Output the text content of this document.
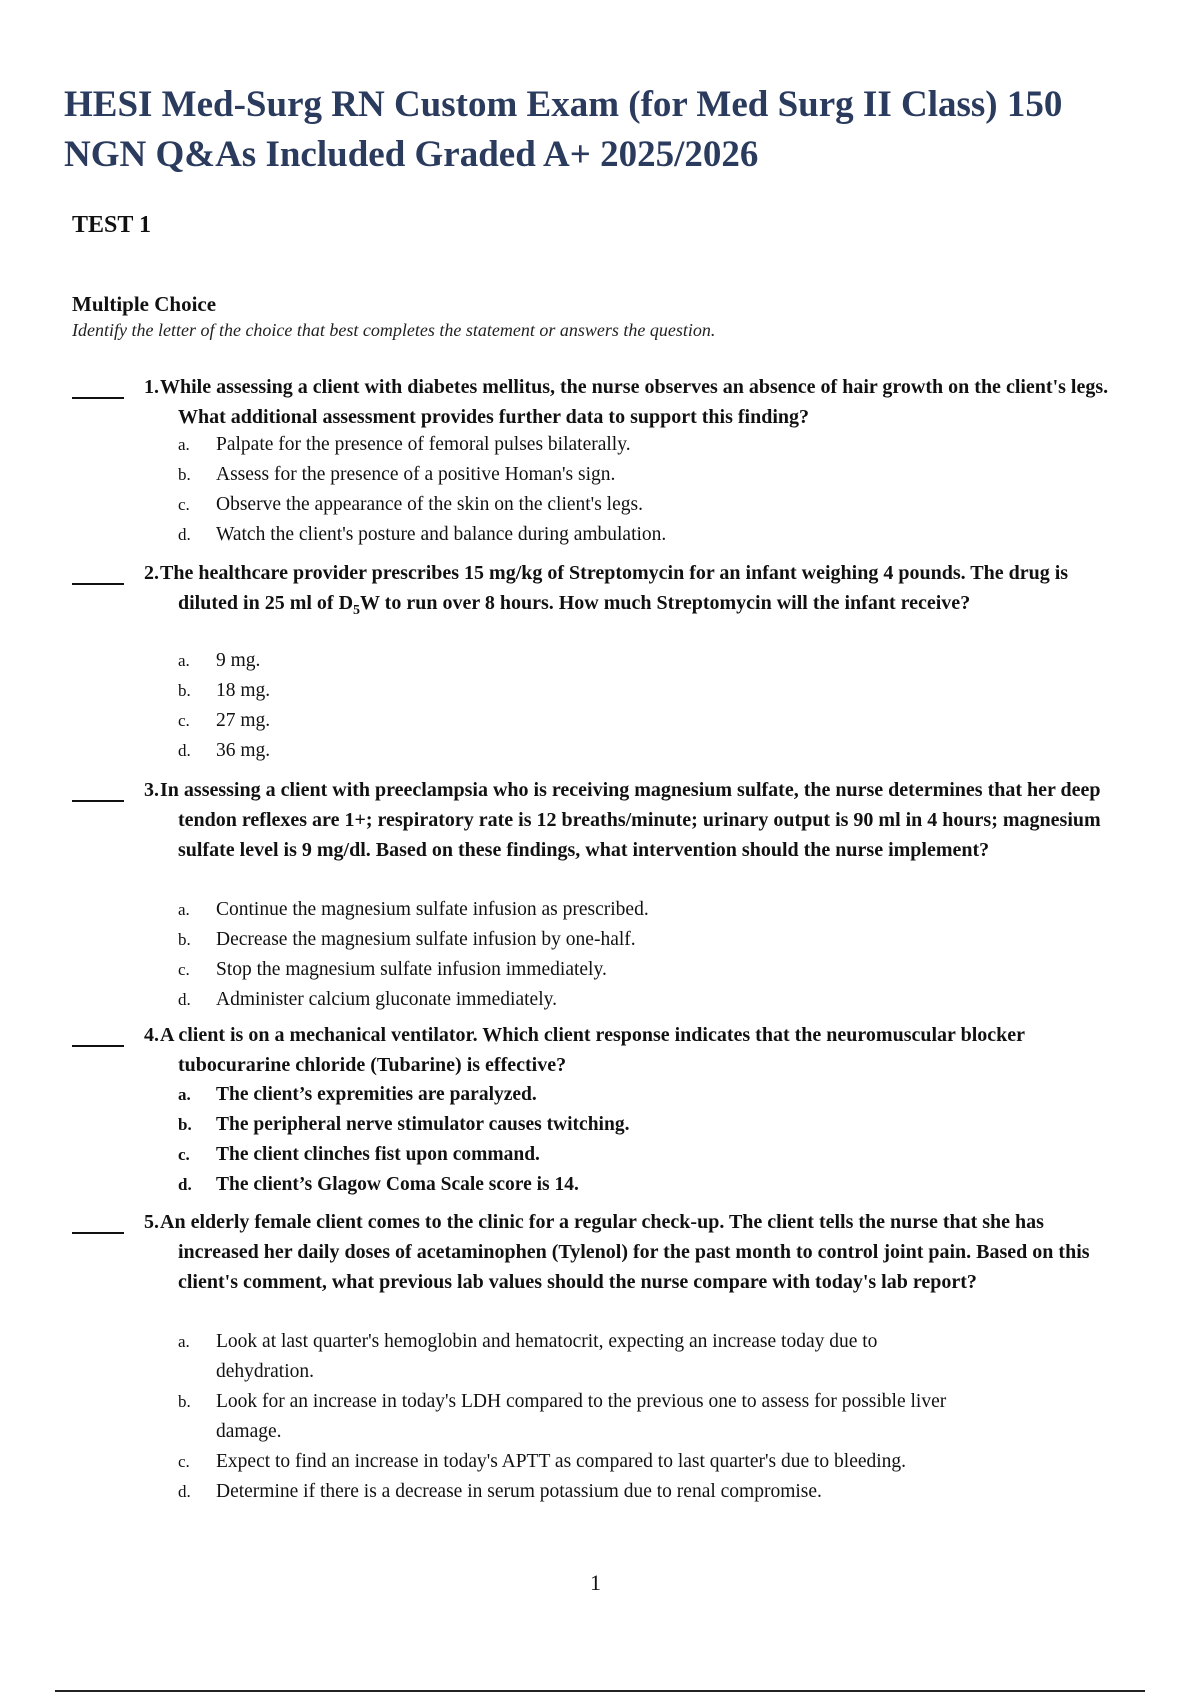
HESI Med-Surg RN Custom Exam (for Med Surg II Class) 150
NGN Q&As Included Graded A+ 2025/2026
TEST 1
Multiple Choice
Identify the letter of the choice that best completes the statement or answers the question.
1. While assessing a client with diabetes mellitus, the nurse observes an absence of hair growth on the client's legs. What additional assessment provides further data to support this finding?
a. Palpate for the presence of femoral pulses bilaterally.
b. Assess for the presence of a positive Homan's sign.
c. Observe the appearance of the skin on the client's legs.
d. Watch the client's posture and balance during ambulation.
2. The healthcare provider prescribes 15 mg/kg of Streptomycin for an infant weighing 4 pounds. The drug is diluted in 25 ml of $D_5W$ to run over 8 hours. How much Streptomycin will the infant receive?
a. 9 mg.
b. 18 mg.
c. 27 mg.
d. 36 mg.
3. In assessing a client with preeclampsia who is receiving magnesium sulfate, the nurse determines that her deep tendon reflexes are 1+; respiratory rate is 12 breaths/minute; urinary output is 90 ml in 4 hours; magnesium sulfate level is 9 mg/dl. Based on these findings, what intervention should the nurse implement?
a. Continue the magnesium sulfate infusion as prescribed.
b. Decrease the magnesium sulfate infusion by one-half.
c. Stop the magnesium sulfate infusion immediately.
d. Administer calcium gluconate immediately.
4. A client is on a mechanical ventilator. Which client response indicates that the neuromuscular blocker tubocurarine chloride (Tubarine) is effective?
a. The client’s expremities are paralyzed.
b. The peripheral nerve stimulator causes twitching.
c. The client clinches fist upon command.
d. The client’s Glagow Coma Scale score is 14.
5. An elderly female client comes to the clinic for a regular check-up. The client tells the nurse that she has increased her daily doses of acetaminophen (Tylenol) for the past month to control joint pain. Based on this client's comment, what previous lab values should the nurse compare with today's lab report?
a. Look at last quarter's hemoglobin and hematocrit, expecting an increase today due to dehydration.
b. Look for an increase in today's LDH compared to the previous one to assess for possible liver damage.
c. Expect to find an increase in today's APTT as compared to last quarter's due to bleeding.
d. Determine if there is a decrease in serum potassium due to renal compromise.
1
